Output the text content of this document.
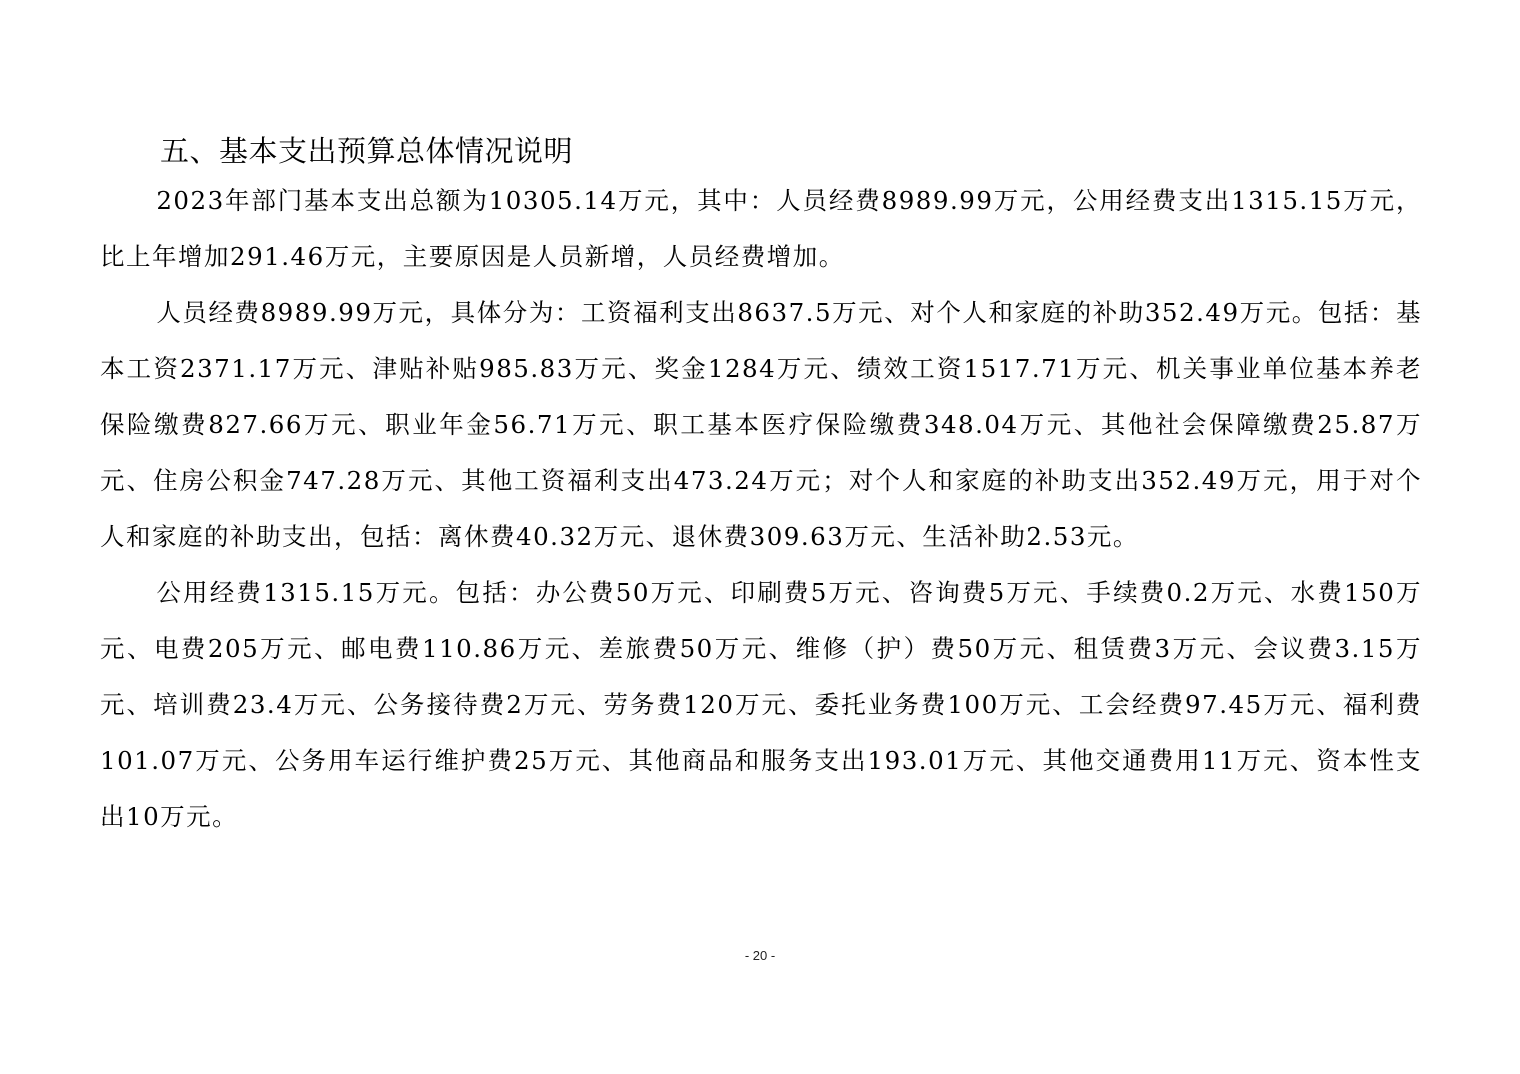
五、基本支出预算总体情况说明

2023年部门基本支出总额为10305.14万元，其中：人员经费8989.99万元，公用经费支出1315.15万元，比上年增加291.46万元，主要原因是人员新增，人员经费增加。

人员经费8989.99万元，具体分为：工资福利支出8637.5万元、对个人和家庭的补助352.49万元。包括：基本工资2371.17万元、津贴补贴985.83万元、奖金1284万元、绩效工资1517.71万元、机关事业单位基本养老保险缴费827.66万元、职业年金56.71万元、职工基本医疗保险缴费348.04万元、其他社会保障缴费25.87万元、住房公积金747.28万元、其他工资福利支出473.24万元；对个人和家庭的补助支出352.49万元，用于对个人和家庭的补助支出，包括：离休费40.32万元、退休费309.63万元、生活补助2.53元。

公用经费1315.15万元。包括：办公费50万元、印刷费5万元、咨询费5万元、手续费0.2万元、水费150万元、电费205万元、邮电费110.86万元、差旅费50万元、维修（护）费50万元、租赁费3万元、会议费3.15万元、培训费23.4万元、公务接待费2万元、劳务费120万元、委托业务费100万元、工会经费97.45万元、福利费101.07万元、公务用车运行维护费25万元、其他商品和服务支出193.01万元、其他交通费用11万元、资本性支出10万元。

- 20 -
